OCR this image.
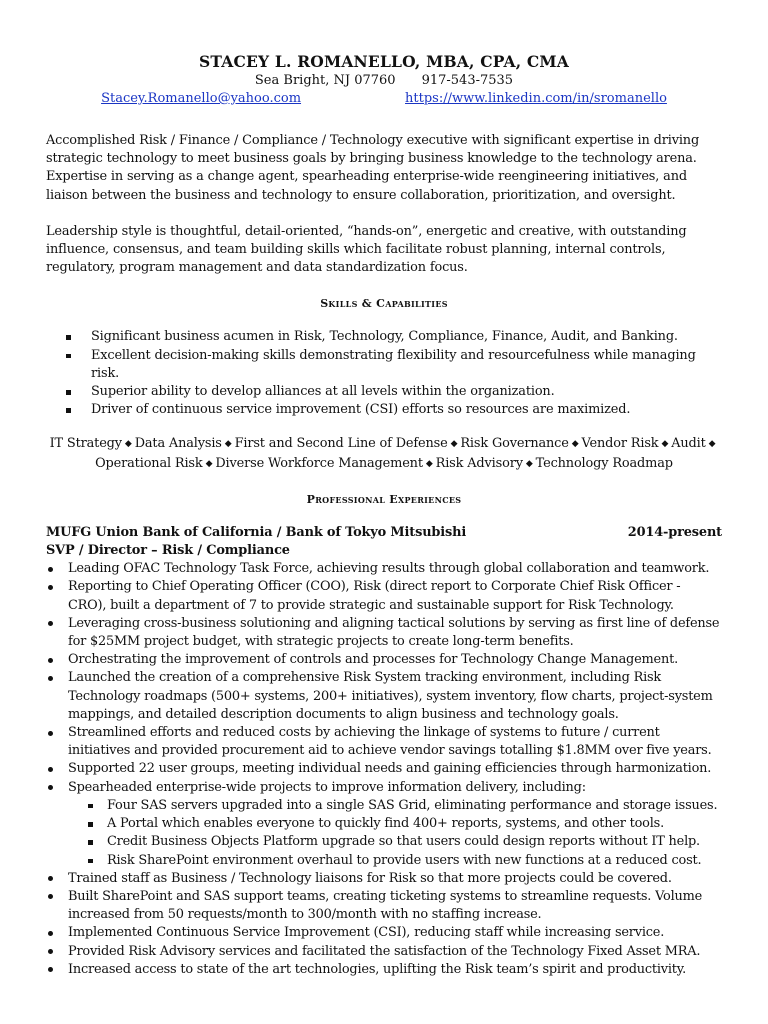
STACEY L. ROMANELLO, MBA, CPA, CMA
Sea Bright, NJ 07760 917-543-7535
Stacey.Romanello@yahoo.com	https://www.linkedin.com/in/sromanello

Accomplished Risk / Finance / Compliance / Technology executive with significant expertise in driving strategic technology to meet business goals by bringing business knowledge to the technology arena. Expertise in serving as a change agent, spearheading enterprise-wide reengineering initiatives, and liaison between the business and technology to ensure collaboration, prioritization, and oversight.

Leadership style is thoughtful, detail-oriented, “hands-on”, energetic and creative, with outstanding influence, consensus, and team building skills which facilitate robust planning, internal controls, regulatory, program management and data standardization focus.

Skills & Capabilities
Significant business acumen in Risk, Technology, Compliance, Finance, Audit, and Banking.
Excellent decision-making skills demonstrating flexibility and resourcefulness while managing risk.
Superior ability to develop alliances at all levels within the organization.
Driver of continuous service improvement (CSI) efforts so resources are maximized.
IT Strategy ◆ Data Analysis ◆ First and Second Line of Defense ◆ Risk Governance ◆ Vendor Risk ◆ Audit ◆
Operational Risk ◆ Diverse Workforce Management ◆ Risk Advisory ◆ Technology Roadmap
Professional Experiences
MUFG Union Bank of California / Bank of Tokyo Mitsubishi	2014-present
SVP / Director – Risk / Compliance
Leading OFAC Technology Task Force, achieving results through global collaboration and teamwork.
Reporting to Chief Operating Officer (COO), Risk (direct report to Corporate Chief Risk Officer - CRO), built a department of 7 to provide strategic and sustainable support for Risk Technology.
Leveraging cross-business solutioning and aligning tactical solutions by serving as first line of defense for $25MM project budget, with strategic projects to create long-term benefits.
Orchestrating the improvement of controls and processes for Technology Change Management.
Launched the creation of a comprehensive Risk System tracking environment, including Risk Technology roadmaps (500+ systems, 200+ initiatives), system inventory, flow charts, project-system mappings, and detailed description documents to align business and technology goals.
Streamlined efforts and reduced costs by achieving the linkage of systems to future / current initiatives and provided procurement aid to achieve vendor savings totalling $1.8MM over five years.
Supported 22 user groups, meeting individual needs and gaining efficiencies through harmonization.
Spearheaded enterprise-wide projects to improve information delivery, including:
Four SAS servers upgraded into a single SAS Grid, eliminating performance and storage issues.
A Portal which enables everyone to quickly find 400+ reports, systems, and other tools.
Credit Business Objects Platform upgrade so that users could design reports without IT help.
Risk SharePoint environment overhaul to provide users with new functions at a reduced cost.
Trained staff as Business / Technology liaisons for Risk so that more projects could be covered.
Built SharePoint and SAS support teams, creating ticketing systems to streamline requests. Volume increased from 50 requests/month to 300/month with no staffing increase.
Implemented Continuous Service Improvement (CSI), reducing staff while increasing service.
Provided Risk Advisory services and facilitated the satisfaction of the Technology Fixed Asset MRA.
Increased access to state of the art technologies, uplifting the Risk team’s spirit and productivity.
